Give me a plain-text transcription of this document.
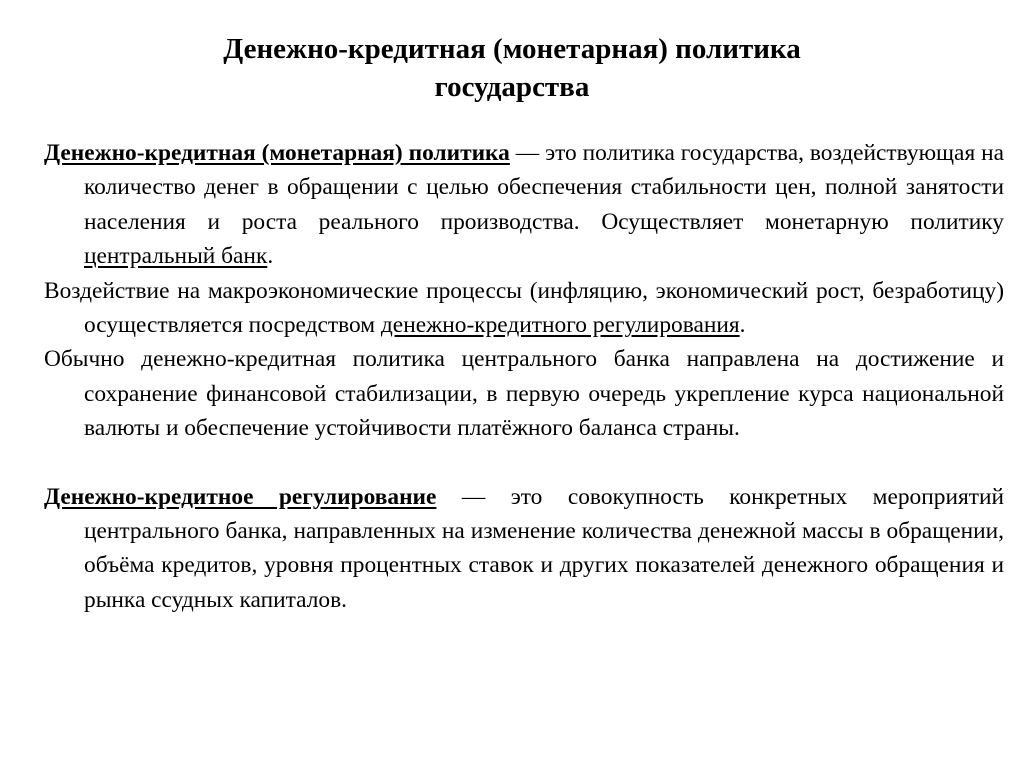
Денежно-кредитная (монетарная) политика
государства

Денежно-кредитная (монетарная) политика — это политика государства, воздействующая на количество денег в обращении с целью обеспечения стабильности цен, полной занятости населения и роста реального производства. Осуществляет монетарную политику центральный банк.

Воздействие на макроэкономические процессы (инфляцию, экономический рост, безработицу) осуществляется посредством денежно-кредитного регулирования.

Обычно денежно-кредитная политика центрального банка направлена на достижение и сохранение финансовой стабилизации, в первую очередь укрепление курса национальной валюты и обеспечение устойчивости платёжного баланса страны.

Денежно-кредитное регулирование — это совокупность конкретных мероприятий центрального банка, направленных на изменение количества денежной массы в обращении, объёма кредитов, уровня процентных ставок и других показателей денежного обращения и рынка ссудных капиталов.
